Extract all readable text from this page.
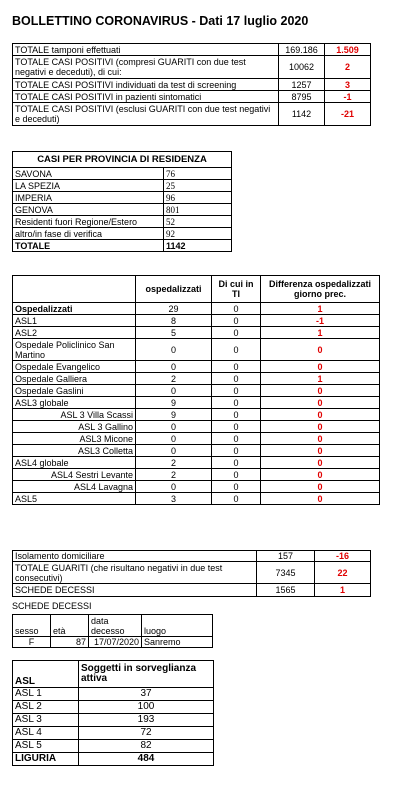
BOLLETTINO CORONAVIRUS - Dati 17 luglio 2020
TOTALE tamponi effettuati	169.186	1.509
TOTALE CASI POSITIVI (compresi GUARITI con due test negativi e deceduti), di cui:	10062	2
TOTALE CASI POSITIVI individuati da test di screening	1257	3
TOTALE CASI POSITIVI in pazienti sintomatici	8795	-1
TOTALE CASI POSITIVI (esclusi GUARITI con due test negativi e deceduti)	1142	-21
CASI PER PROVINCIA DI RESIDENZA	
SAVONA	76
LA SPEZIA	25
IMPERIA	96
GENOVA	801
Residenti fuori Regione/Estero	52
altro/in fase di verifica	92
TOTALE	1142
	ospedalizzati	Di cui in TI	Differenza ospedalizzati giorno prec.
Ospedalizzati	29	0	1
ASL1	8	0	-1
ASL2	5	0	1
Ospedale Policlinico San Martino	0	0	0
Ospedale Evangelico	0	0	0
Ospedale Galliera	2	0	1
Ospedale Gaslini	0	0	0
ASL3 globale	9	0	0
ASL 3 Villa Scassi	9	0	0
ASL 3 Gallino	0	0	0
ASL3 Micone	0	0	0
ASL3 Colletta	0	0	0
ASL4 globale	2	0	0
ASL4 Sestri Levante	2	0	0
ASL4 Lavagna	0	0	0
ASL5	3	0	0
Isolamento domiciliare	157	-16
TOTALE GUARITI (che risultano negativi in due test consecutivi)	7345	22
SCHEDE DECESSI	1565	1
SCHEDE DECESSI
sesso	età	data decesso	luogo
F	87	17/07/2020	Sanremo
ASL	Soggetti in sorveglianza attiva
ASL 1	37
ASL 2	100
ASL 3	193
ASL 4	72
ASL 5	82
LIGURIA	484
